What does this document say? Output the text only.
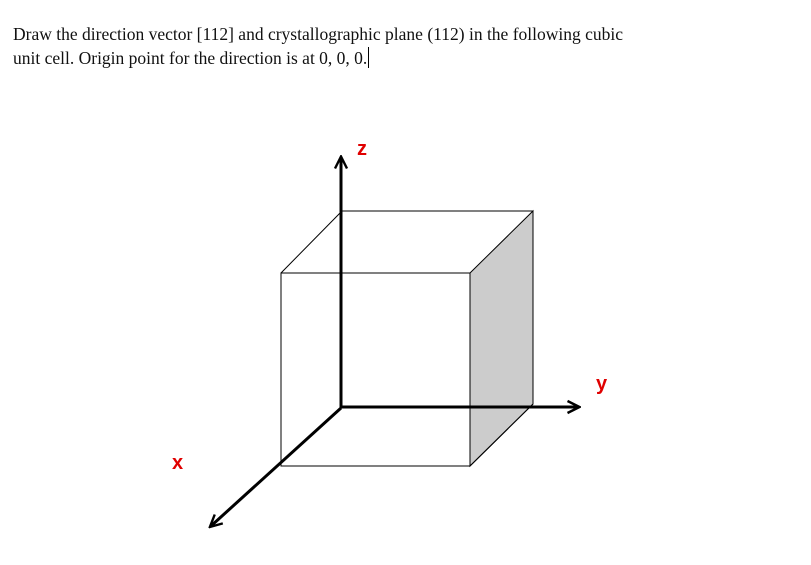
Draw the direction vector [112] and crystallographic plane (112) in the following cubic
unit cell. Origin point for the direction is at 0, 0, 0.
z
y
x
